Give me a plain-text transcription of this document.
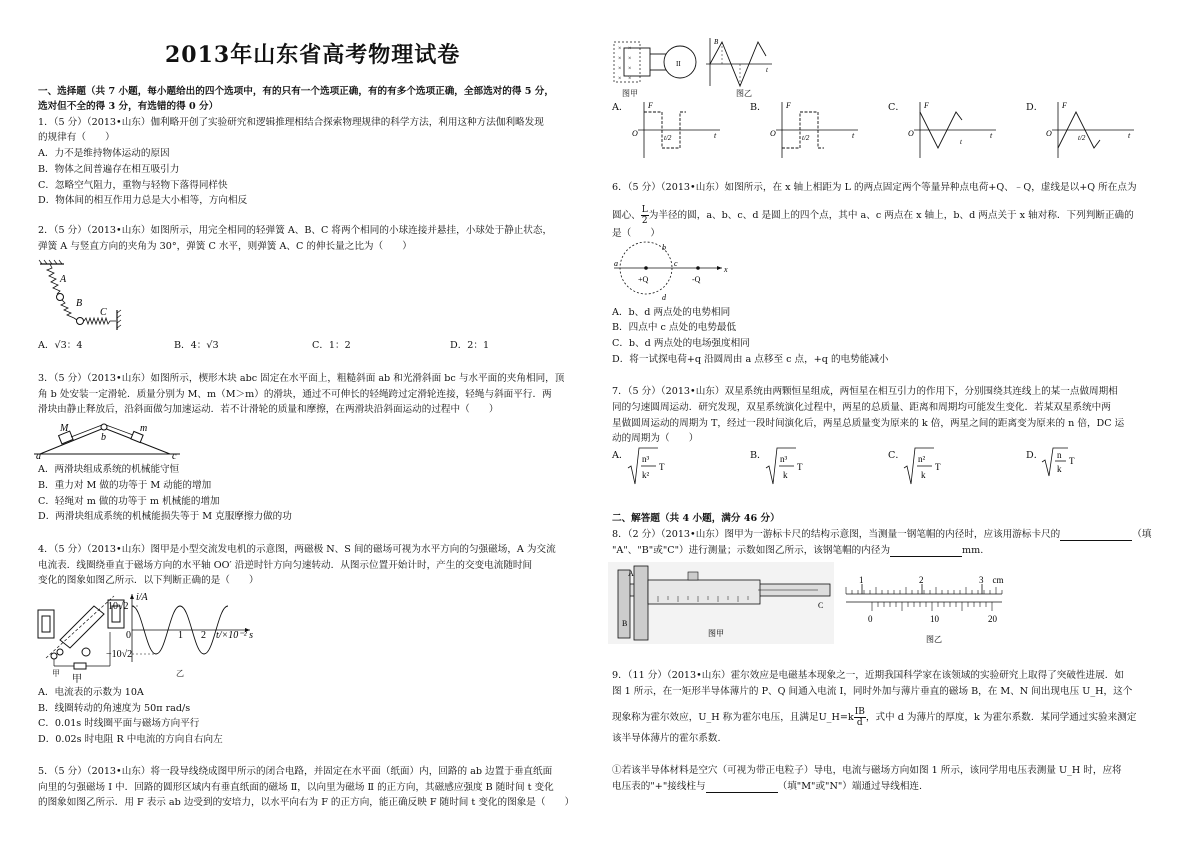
2013年山东省高考物理试卷
一、选择题（共 7 小题，每小题给出的四个选项中，有的只有一个选项正确，有的有多个选项正确，全部选对的得 5 分，
选对但不全的得 3 分，有选错的得 0 分）
1．（5 分）（2013•山东）伽利略开创了实验研究和逻辑推理相结合探索物理规律的科学方法，利用这种方法伽利略发现
的规律有（　　）
A．力不是维持物体运动的原因
B．物体之间普遍存在相互吸引力
C．忽略空气阻力，重物与轻物下落得同样快
D．物体间的相互作用力总是大小相等，方向相反
2．（5 分）（2013•山东）如图所示，用完全相同的轻弹簧 A、B、C 将两个相同的小球连接并悬挂，小球处于静止状态，
弹簧 A 与竖直方向的夹角为 30°，弹簧 C 水平，则弹簧 A、C 的伸长量之比为（　　）
A
B
C
A．√3：4	B．4：√3	C．1：2	D．2：1
3．（5 分）（2013•山东）如图所示，楔形木块 abc 固定在水平面上，粗糙斜面 ab 和光滑斜面 bc 与水平面的夹角相同，顶
角 b 处安装一定滑轮．质量分别为 M、m（M＞m）的滑块，通过不可伸长的轻绳跨过定滑轮连接，轻绳与斜面平行．两
滑块由静止释放后，沿斜面做匀加速运动．若不计滑轮的质量和摩擦，在两滑块沿斜面运动的过程中（　　）
M	m
a
b
c
A．两滑块组成系统的机械能守恒
B．重力对 M 做的功等于 M 动能的增加
C．轻绳对 m 做的功等于 m 机械能的增加
D．两滑块组成系统的机械能损失等于 M 克服摩擦力做的功
4．（5 分）（2013•山东）图甲是小型交流发电机的示意图，两磁极 N、S 间的磁场可视为水平方向的匀强磁场，A 为交流
电流表．线圈绕垂直于磁场方向的水平轴 OO′ 沿逆时针方向匀速转动．从图示位置开始计时，产生的交变电流随时间
变化的图象如图乙所示．以下判断正确的是（　　）
甲
甲
i/A
10√2
−10√2
0	1 2 t/×10⁻² s
乙
A．电流表的示数为 10A
B．线圈转动的角速度为 50π rad/s
C．0.01s 时线圈平面与磁场方向平行
D．0.02s 时电阻 R 中电流的方向自右向左
5．（5 分）（2013•山东）将一段导线绕成图甲所示的闭合电路，并固定在水平面（纸面）内，回路的 ab 边置于垂直纸面
向里的匀强磁场 Ⅰ 中．回路的圆形区域内有垂直纸面的磁场 Ⅱ，以向里为磁场 Ⅱ 的正方向，其磁感应强度 B 随时间 t 变化
的图象如图乙所示．用 F 表示 ab 边受到的安培力，以水平向右为 F 的正方向，能正确反映 F 随时间 t 变化的图象是（　　）
× ×
× ×
× ×
× ×
II
图甲
B
t
图乙
A． F
O	t/2	t
B． F
O	t/2	t
C． F
O
t
t
D． F
O	t/2	t
6．（5 分）（2013•山东）如图所示，在 x 轴上相距为 L 的两点固定两个等量异种点电荷+Q、﹣Q，虚线是以+Q 所在点为
圆心、 $\frac{L}{2}$ 为半径的圆，a、b、c、d 是圆上的四个点，其中 a、c 两点在 x 轴上，b、d 两点关于 x 轴对称．下列判断正确的
是（　　）
x
+Q	-Q
a
b
c
d
A．b、d 两点处的电势相同
B．四点中 c 点处的电势最低
C．b、d 两点处的电场强度相同
D．将一试探电荷+q 沿圆周由 a 点移至 c 点，+q 的电势能减小
7．（5 分）（2013•山东）双星系统由两颗恒星组成，两恒星在相互引力的作用下，分别围绕其连线上的某一点做周期相
同的匀速圆周运动．研究发现，双星系统演化过程中，两星的总质量、距离和周期均可能发生变化．若某双星系统中两
星做圆周运动的周期为 T，经过一段时间演化后，两星总质量变为原来的 k 倍，两星之间的距离变为原来的 n 倍，DC 运
动的周期为（　　）
A． n³
k²
T
B． n³
k
T
C． n²
k
T
D． n
k
T
二、解答题（共 4 小题，满分 46 分）
8．（2 分）（2013•山东）图甲为一游标卡尺的结构示意图，当测量一钢笔帽的内径时，应该用游标卡尺的	（填
"A"、"B"或"C"）进行测量；示数如图乙所示，该钢笔帽的内径为	mm.
A
B
C
图甲
1	2	3　cm
0	10	20
图乙
9．（11 分）（2013•山东）霍尔效应是电磁基本现象之一，近期我国科学家在该领域的实验研究上取得了突破性进展．如
图 1 所示，在一矩形半导体薄片的 P、Q 间通入电流 I，同时外加与薄片垂直的磁场 B，在 M、N 间出现电压 U_H，这个
现象称为霍尔效应，U_H 称为霍尔电压，且满足U_H=k $\frac{IB}{d}$ ，式中 d 为薄片的厚度，k 为霍尔系数．某同学通过实验来测定
该半导体薄片的霍尔系数.
①若该半导体材料是空穴（可视为带正电粒子）导电，电流与磁场方向如图 1 所示，该同学用电压表测量 U_H 时，应将
电压表的"+"接线柱与	（填"M"或"N"）端通过导线相连.
